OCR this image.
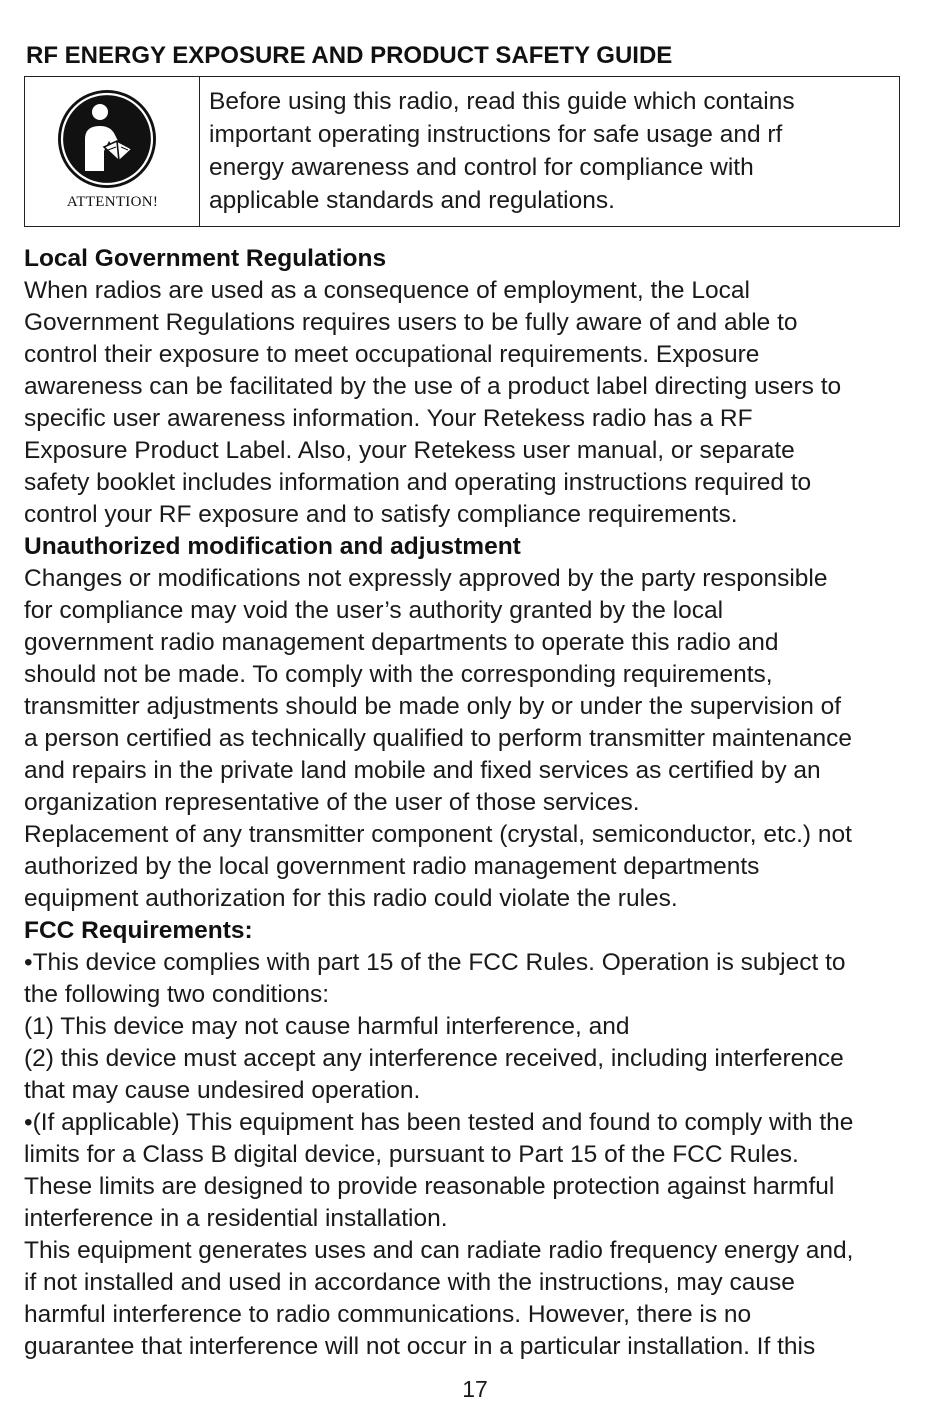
RF ENERGY EXPOSURE AND PRODUCT SAFETY GUIDE
ATTENTION!

Before using this radio, read this guide which contains
important operating instructions for safe usage and rf
energy awareness and control for compliance with
applicable standards and regulations.

Local Government Regulations

When radios are used as a consequence of employment, the Local

Government Regulations requires users to be fully aware of and able to

control their exposure to meet occupational requirements. Exposure

awareness can be facilitated by the use of a product label directing users to

specific user awareness information. Your Retekess radio has a RF

Exposure Product Label. Also, your Retekess user manual, or separate

safety booklet includes information and operating instructions required to

control your RF exposure and to satisfy compliance requirements.

Unauthorized modification and adjustment

Changes or modifications not expressly approved by the party responsible

for compliance may void the user’s authority granted by the local

government radio management departments to operate this radio and

should not be made. To comply with the corresponding requirements,

transmitter adjustments should be made only by or under the supervision of

a person certified as technically qualified to perform transmitter maintenance

and repairs in the private land mobile and fixed services as certified by an

organization representative of the user of those services.

Replacement of any transmitter component (crystal, semiconductor, etc.) not

authorized by the local government radio management departments

equipment authorization for this radio could violate the rules.

FCC Requirements:

•This device complies with part 15 of the FCC Rules. Operation is subject to

the following two conditions:

(1) This device may not cause harmful interference, and

(2) this device must accept any interference received, including interference

that may cause undesired operation.

•(If applicable) This equipment has been tested and found to comply with the

limits for a Class B digital device, pursuant to Part 15 of the FCC Rules.

These limits are designed to provide reasonable protection against harmful

interference in a residential installation.

This equipment generates uses and can radiate radio frequency energy and,

if not installed and used in accordance with the instructions, may cause

harmful interference to radio communications. However, there is no

guarantee that interference will not occur in a particular installation. If this

17
